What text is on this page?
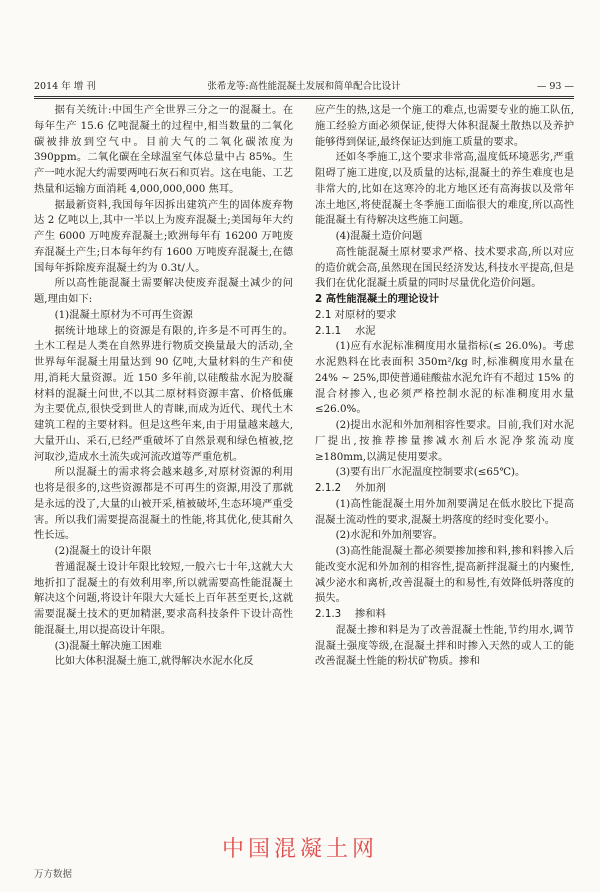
2014 年 增 刊	张希龙等:高性能混凝土发展和简单配合比设计	— 93 —

据有关统计:中国生产全世界三分之一的混凝土。在每年生产 15.6 亿吨混凝土的过程中,相当数量的二氧化碳被排放到空气中。目前大气的二氧化碳浓度为 390ppm。二氧化碳在全球温室气体总量中占 85%。生产一吨水泥大约需要两吨石灰石和页岩。这在电能、工艺热量和运输方面消耗 4,000,000,000 焦耳。

据最新资料,我国每年因拆出建筑产生的固体废弃物达 2 亿吨以上,其中一半以上为废弃混凝土;美国每年大约产生 6000 万吨废弃混凝土;欧洲每年有 16200 万吨废弃混凝土产生;日本每年约有 1600 万吨废弃混凝土,在德国每年拆除废弃混凝土约为 0.3t/人。

所以高性能混凝土需要解决使废弃混凝土减少的问题,理由如下:

(1)混凝土原材为不可再生资源

据统计地球上的资源是有限的,许多是不可再生的。土木工程是人类在自然界进行物质交换量最大的活动,全世界每年混凝土用量达到 90 亿吨,大量材料的生产和使用,消耗大量资源。近 150 多年前,以硅酸盐水泥为胶凝材料的混凝土问世,不以其二原材料资源丰富、价格低廉为主要优点,很快受到世人的青睐,而成为近代、现代土木建筑工程的主要材料。但是这些年来,由于用量越来越大,大量开山、采石,已经严重破坏了自然景观和绿色植被,挖河取沙,造成水土流失或河流改道等严重危机。

所以混凝土的需求将会越来越多,对原材资源的利用也将是很多的,这些资源都是不可再生的资源,用没了那就是永远的没了,大量的山被开采,植被破坏,生态环境严重受害。所以我们需要提高混凝土的性能,将其优化,使其耐久性长远。

(2)混凝土的设计年限

普通混凝土设计年限比较短,一般六七十年,这就大大地折扣了混凝土的有效利用率,所以就需要高性能混凝土解决这个问题,将设计年限大大延长上百年甚至更长,这就需要混凝土技术的更加精湛,要求高科技条件下设计高性能混凝土,用以提高设计年限。

(3)混凝土解决施工困难

比如大体积混凝土施工,就得解决水泥水化反

应产生的热,这是一个施工的难点,也需要专业的施工队伍,施工经验方面必须保证,使得大体积混凝土散热以及养护能够得到保证,最终保证达到施工质量的要求。

还如冬季施工,这个要求非常高,温度低环境恶劣,严重阻碍了施工进度,以及质量的达标,混凝土的养生难度也是非常大的,比如在这寒冷的北方地区还有高海拔以及常年冻土地区,将使混凝土冬季施工面临很大的难度,所以高性能混凝土有待解决这些施工问题。

(4)混凝土造价问题

高性能混凝土原材要求严格、技术要求高,所以对应的造价就会高,虽然现在国民经济发达,科技水平提高,但是我们在优化混凝土质量的同时尽量优化造价问题。

2 高性能混凝土的理论设计

2.1 对原材的要求

2.1.1 水泥

(1)应有水泥标准稠度用水量指标(≤ 26.0%)。考虑水泥熟料在比表面积 350m²/kg 时,标准稠度用水量在 24% ~ 25%,即使普通硅酸盐水泥允许有不超过 15% 的混合材掺入,也必须严格控制水泥的标准稠度用水量≤26.0%。

(2)提出水泥和外加剂相容性要求。目前,我们对水泥厂提出,按推荐掺量掺减水剂后水泥净浆流动度≥180mm,以满足使用要求。

(3)要有出厂水泥温度控制要求(≤65℃)。

2.1.2 外加剂

(1)高性能混凝土用外加剂要满足在低水胶比下提高混凝土流动性的要求,混凝土坍落度的经时变化要小。

(2)水泥和外加剂要容。

(3)高性能混凝土都必须要掺加掺和料,掺和料掺入后能改变水泥和外加剂的相容性,提高新拌混凝土的内聚性,减少泌水和离析,改善混凝土的和易性,有效降低坍落度的损失。

2.1.3 掺和料

混凝土掺和料是为了改善混凝土性能,节约用水,调节混凝土强度等级,在混凝土拌和时掺入天然的或人工的能改善混凝土性能的粉状矿物质。掺和

中国混凝土网
万方数据
